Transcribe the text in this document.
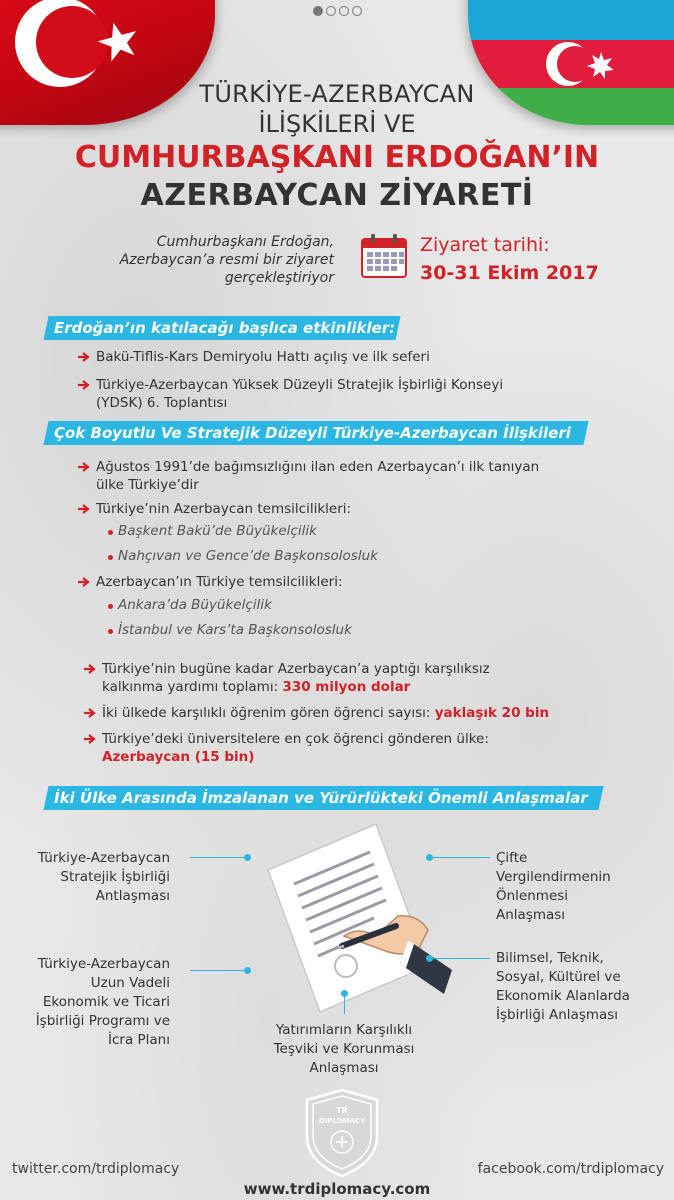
TÜRKİYE-AZERBAYCAN
İLİŞKİLERİ VE
CUMHURBAŞKANI ERDOĞAN’IN
AZERBAYCAN ZİYARETİ
Cumhurbaşkanı Erdoğan,
Azerbaycan’a resmi bir ziyaret
gerçekleştiriyor
Ziyaret tarihi:
30-31 Ekim 2017
Erdoğan’ın katılacağı başlıca etkinlikler:
Bakü-Tiflis-Kars Demiryolu Hattı açılış ve ilk seferi
Türkiye-Azerbaycan Yüksek Düzeyli Stratejik İşbirliği Konseyi
(YDSK) 6. Toplantısı
Çok Boyutlu Ve Stratejik Düzeyli Türkiye-Azerbaycan İlişkileri
Ağustos 1991’de bağımsızlığını ilan eden Azerbaycan’ı ilk tanıyan
ülke Türkiye’dir
Türkiye’nin Azerbaycan temsilcilikleri:
Başkent Bakü’de Büyükelçilik
Nahçıvan ve Gence’de Başkonsolosluk
Azerbaycan’ın Türkiye temsilcilikleri:
Ankara’da Büyükelçilik
İstanbul ve Kars’ta Başkonsolosluk
Türkiye’nin bugüne kadar Azerbaycan’a yaptığı karşılıksız
kalkınma yardımı toplamı: 330 milyon dolar
İki ülkede karşılıklı öğrenim gören öğrenci sayısı: yaklaşık 20 bin
Türkiye’deki üniversitelere en çok öğrenci gönderen ülke:
Azerbaycan (15 bin)
İki Ülke Arasında İmzalanan ve Yürürlükteki Önemli Anlaşmalar
Türkiye-Azerbaycan
Stratejik İşbirliği
Antlaşması
Türkiye-Azerbaycan
Uzun Vadeli
Ekonomik ve Ticari
İşbirliği Programı ve
İcra Planı
Yatırımların Karşılıklı
Teşviki ve Korunması
Anlaşması
Çifte
Vergilendirmenin
Önlenmesi
Anlaşması
Bilimsel, Teknik,
Sosyal, Kültürel ve
Ekonomik Alanlarda
İşbirliği Anlaşması
TR
DIPLOMACY
twitter.com/trdiplomacy	facebook.com/trdiplomacy
www.trdiplomacy.com
